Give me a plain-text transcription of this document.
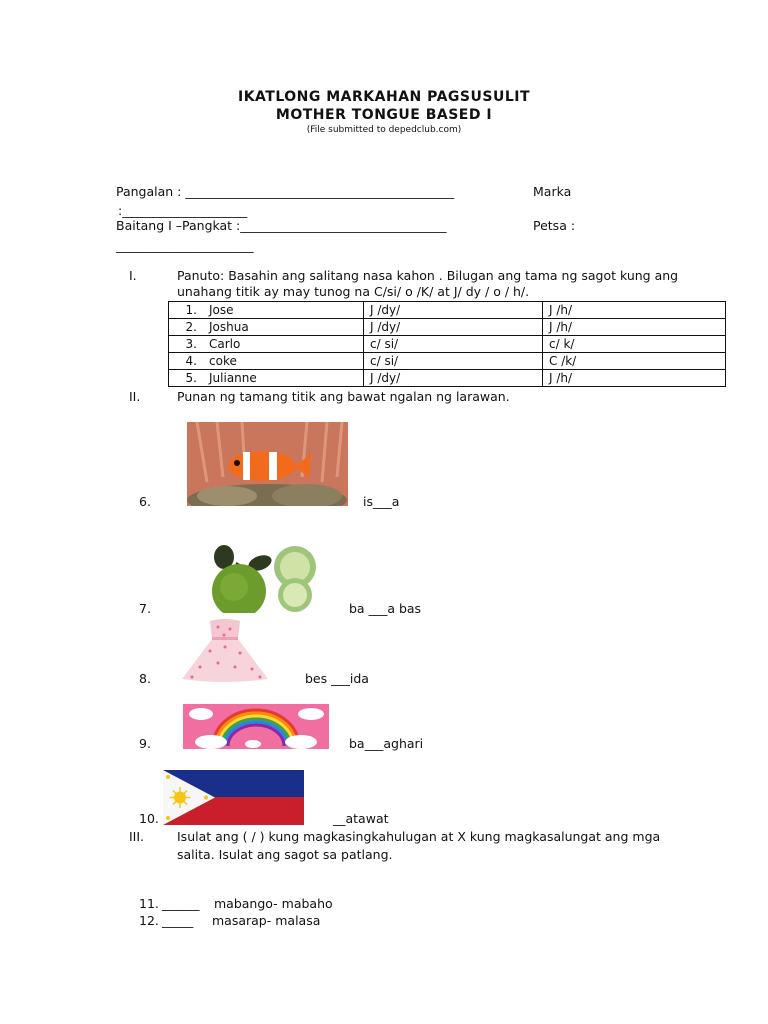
IKATLONG MARKAHAN PAGSUSULIT
MOTHER TONGUE BASED I
(File submitted to depedclub.com)
Pangalan : ___________________________________________	Marka
:____________________
Baitang I –Pangkat :_________________________________	Petsa :
______________________
I.	Panuto: Basahin ang salitang nasa kahon . Bilugan ang tama ng sagot kung ang
unahang titik ay may tunog na C/si/ o /K/ at J/ dy / o / h/.
1. Jose	J /dy/	J /h/
2. Joshua	J /dy/	J /h/
3. Carlo	c/ si/	c/ k/
4. coke	c/ si/	C /k/
5. Julianne	J /dy/	J /h/
II.	Punan ng tamang titik ang bawat ngalan ng larawan.
6.	is___a
7.	ba ___a bas
8.	bes ___ida
9.	ba___aghari
10.	__atawat
III.	Isulat ang ( / ) kung magkasingkahulugan at X kung magkasalungat ang mga
salita. Isulat ang sagot sa patlang.
11. ______ mabango- mabaho
12. _____ masarap- malasa
